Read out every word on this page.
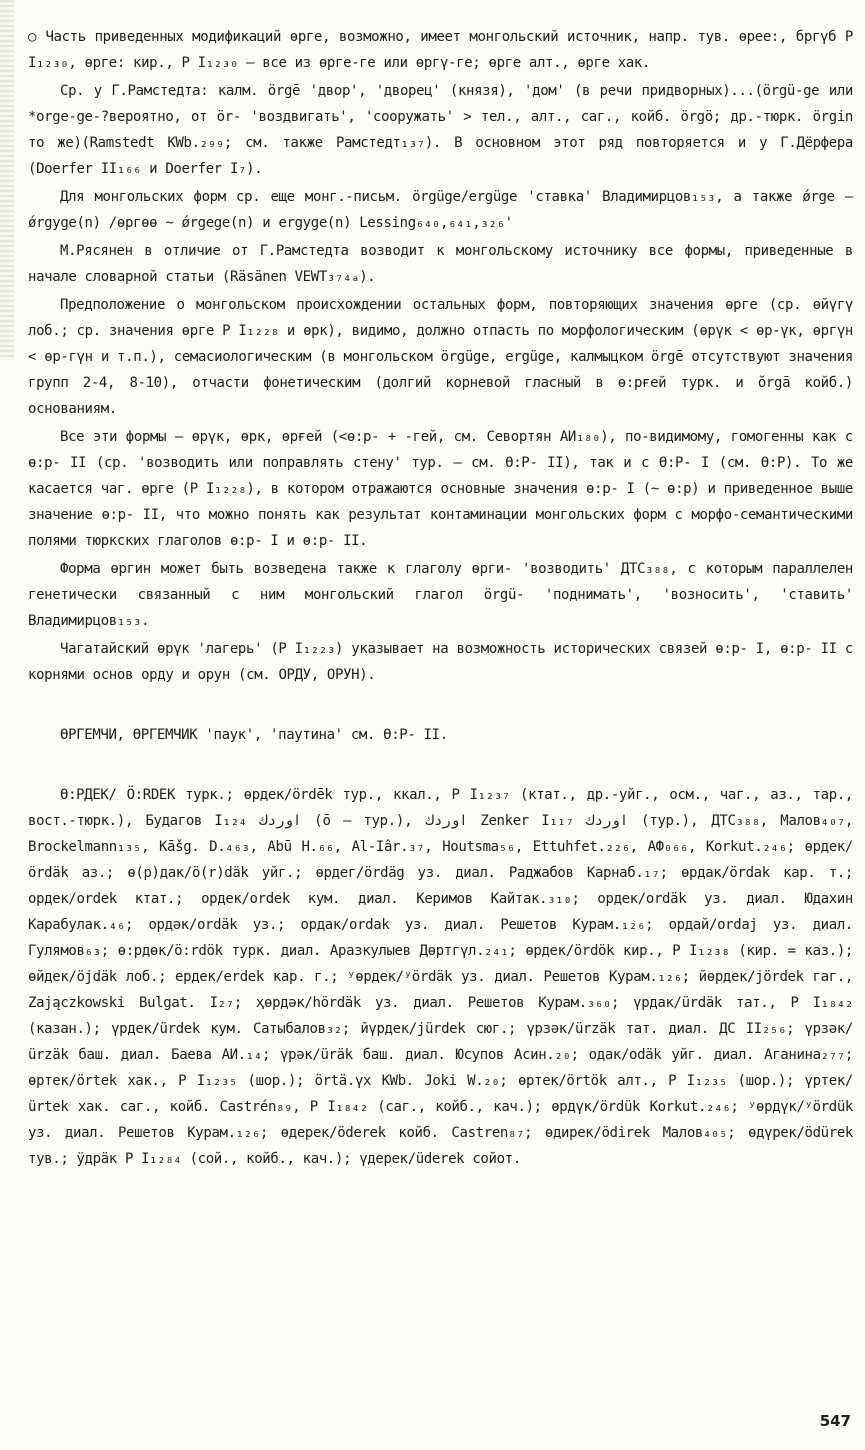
○ Часть приведенных модификаций өрге, возможно, имеет монгольский источник, напр. тув. өрее:, бргүб Р I₁₂₃₀, өрге: кир., Р I₁₂₃₀ – все из өрге-ге или өргү-ге; өрге алт., өрге хак.

Ср. у Г.Рамстедта: калм. örgē 'двор', 'дворец' (князя), 'дом' (в речи придворных)...(örgü-ge или *orge-ge-?вероятно, от ör- 'воздвигать', 'сооружать' > тел., алт., саг., койб. örgö; др.-тюрк. örgin то же)(Ramstedt KWb.₂₉₉; см. также Рамстедт₁₃₇). В основном этот ряд повторяется и у Г.Дёрфера (Doerfer II₁₆₆ и Doerfer I₇).

Для монгольских форм ср. еще монг.-письм. örgüge/ergüge 'ставка' Владимирцов₁₅₃, а также ǿrge – ǿrgyge(n) /өргөө ~ ǿrgege(n) и ergyge(n) Lessing₆₄₀,₆₄₁,₃₂₆'

М.Рясянен в отличие от Г.Рамстедта возводит к монгольскому источнику все формы, приведенные в начале словарной статьи (Räsänen VEWT₃₇₄ₐ).

Предположение о монгольском происхождении остальных форм, повторяющих значения өрге (ср. өйүгү лоб.; ср. значения өрге Р I₁₂₂₈ и өрк), видимо, должно отпасть по морфологическим (өрүк < өр-үк, өргүн < өр-гүн и т.п.), семасиологическим (в монгольском örgüge, ergüge, калмыцком örgē отсутствуют значения групп 2-4, 8-10), отчасти фонетическим (долгий корневой гласный в ө:рғей турк. и ŏrgā койб.) основаниям.

Все эти формы – өрүк, өрк, өрғей (<ө:р- + -гей, см. Севортян АИ₁₈₀), по-видимому, гомогенны как с ө:р- II (ср. 'возводить или поправлять стену' тур. – см. Ө:Р- II), так и с Ө:Р- I (см. Ө:Р). То же касается чаг. өрге (Р I₁₂₂₈), в котором отражаются основные значения ө:р- I (~ ө:р) и приведенное выше значение ө:р- II, что можно понять как результат контаминации монгольских форм с морфо-семантическими полями тюркских глаголов ө:р- I и ө:р- II.

Форма өргин может быть возведена также к глаголу өрги- 'возводить' ДТС₃₈₈, с которым параллелен генетически связанный с ним монгольский глагол örgü- 'поднимать', 'возносить', 'ставить' Владимирцов₁₅₃.

Чагатайский өрүк 'лагерь' (Р I₁₂₂₃) указывает на возможность исторических связей ө:р- I, ө:р- II с корнями основ орду и орун (см. ОРДУ, ОРУН).

ӨРГЕМЧИ, ӨРГЕМЧИК 'паук', 'паутина' см. Ө:Р- II.

Ө:РДЕК/ Ö:RDEK турк.; өрдек/ördēk тур., ккал., Р I₁₂₃₇ (ктат., др.-уйг., осм., чаг., аз., тар., вост.-тюрк.), Будагов I₁₂₄ اوردك (ō – тур.), اوردك Zenker I₁₁₇ اوردك (тур.), ДТС₃₈₈, Малов₄₀₇, Brockelmann₁₃₅, Kāšg. D.₄₆₃, Abū H.₆₆, Al-Iâr.₃₇, Houtsma₅₆, Ettuhfet.₂₂₆, АФ₀₆₆, Korkut.₂₄₆; өрдек/ördäk аз.; ө(р)дак/ö(r)däk уйг.; өрдег/ördäg уз. диал. Раджабов Карнаб.₁₇; өрдак/ördak кар. т.; ордек/ordek ктат.; ордек/ordek кум. диал. Керимов Кайтак.₃₁₀; ордек/ordäk уз. диал. Юдахин Карабулак.₄₆; ордәк/ordäk уз.; ордак/ordak уз. диал. Решетов Курам.₁₂₆; ордай/ordaj уз. диал. Гулямов₆₃; ө:рдөк/ö:rdök турк. диал. Аразкулыев Дөртгүл.₂₄₁; өрдек/ördök кир., Р I₁₂₃₈ (кир. = каз.); өйдек/öjdäk лоб.; ердек/erdek кар. г.; ʸөрдек/ʸördäk уз. диал. Решетов Курам.₁₂₆; йөрдек/jördek гаг., Zajączkowski Bulgat. I₂₇; ҳөрдәк/hördäk уз. диал. Решетов Курам.₃₆₀; үрдак/ürdäk тат., Р I₁₈₄₂ (казан.); үрдек/ürdek кум. Сатыбалов₃₂; йүрдек/jürdek сюг.; үрзәк/ürzäk тат. диал. ДС II₂₅₆; үрзәк/ürzäk баш. диал. Баева АИ.₁₄; үрәк/üräk баш. диал. Юсупов Асин.₂₀; одак/odäk уйг. диал. Аганина₂₇₇; өртек/örtek хак., Р I₁₂₃₅ (шор.); örtä.үх KWb. Joki W.₂₀; өртек/örtök алт., Р I₁₂₃₅ (шор.); үртек/ürtek хак. саг., койб. Castrén₈₉, Р I₁₈₄₂ (саг., койб., кач.); өрдүк/ördük Korkut.₂₄₆; ʸөрдүк/ʸördük уз. диал. Решетов Курам.₁₂₆; өдерек/öderek койб. Castren₈₇; өдирек/ödirek Малов₄₀₅; өдүрек/ödürek тув.; ӱдрäк Р I₁₂₈₄ (сой., койб., кач.); үдерек/üderek сойот.

547
